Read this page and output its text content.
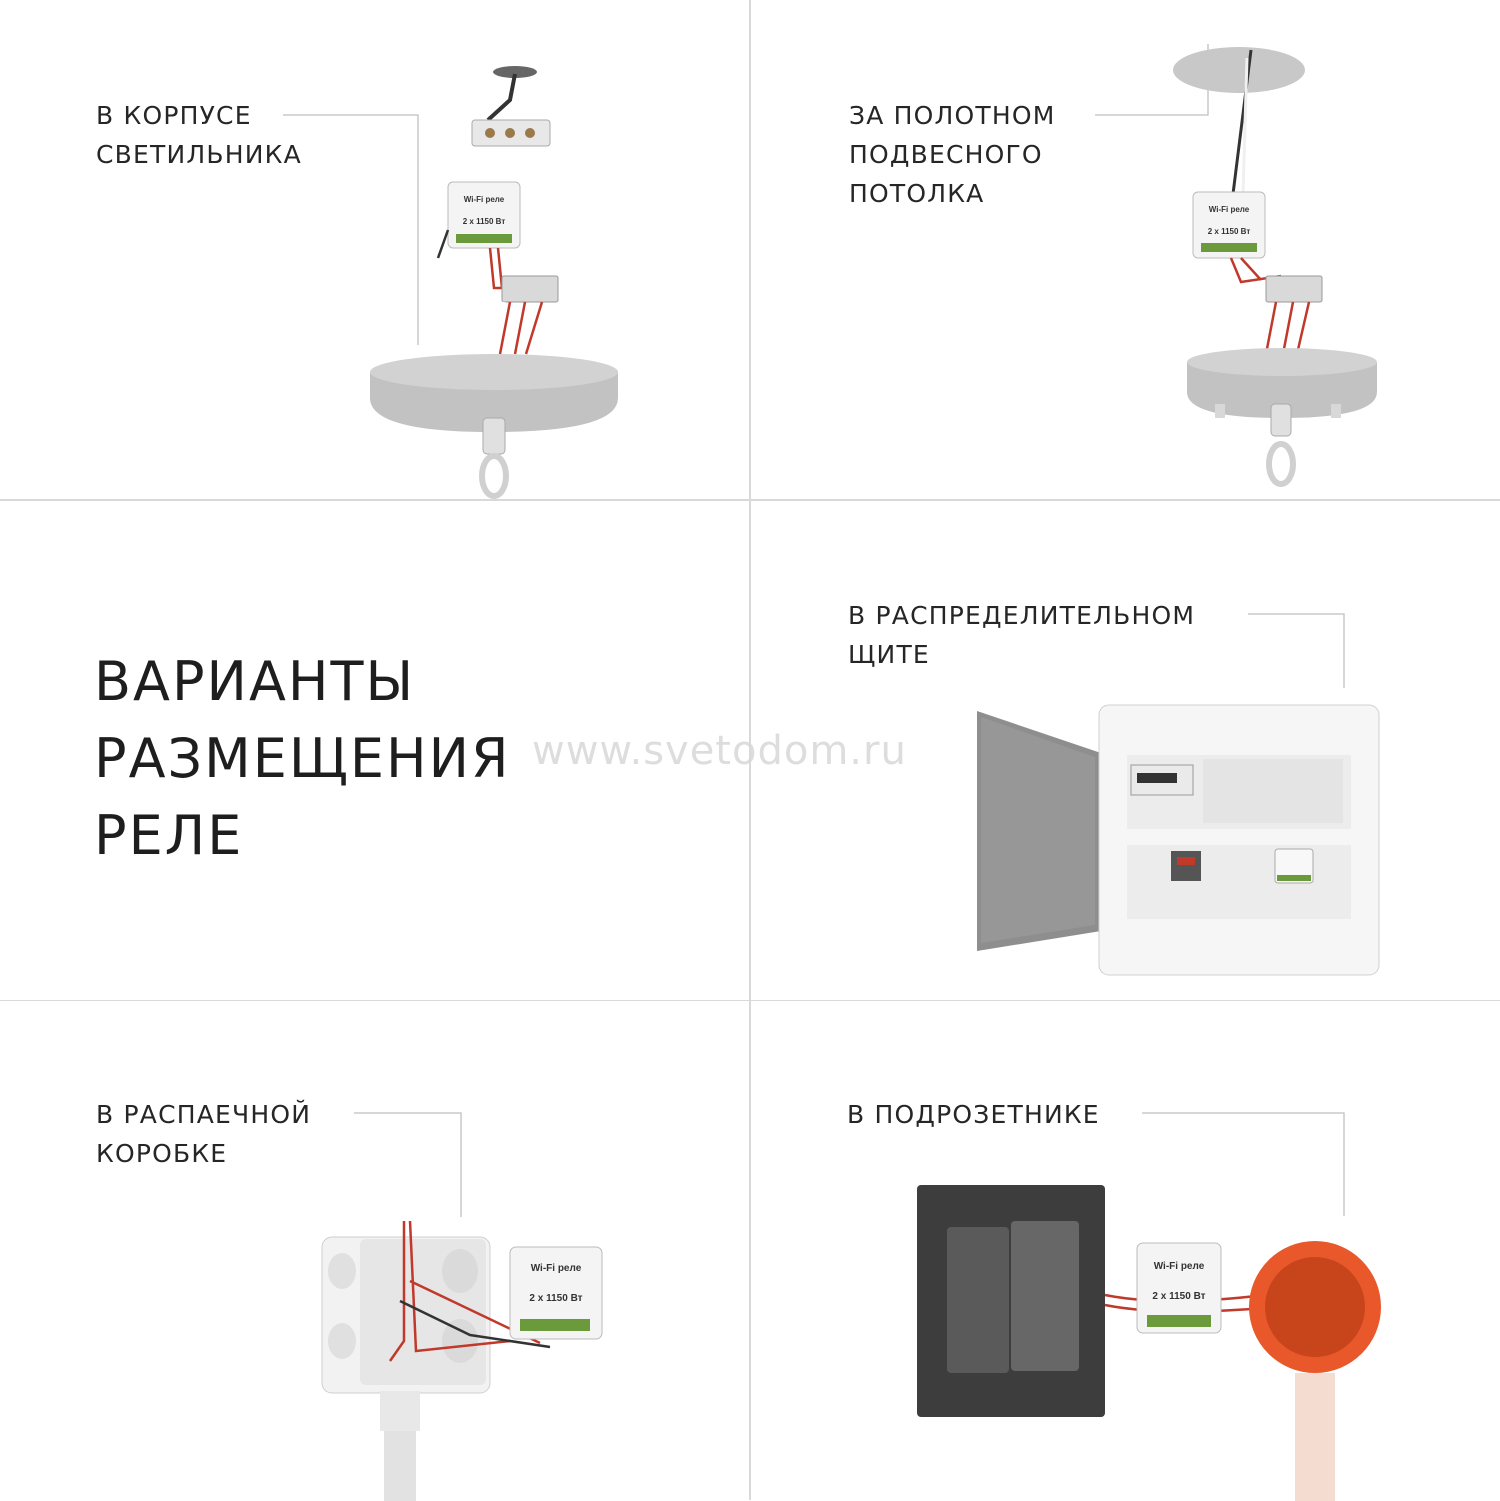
В КОРПУСЕ
СВЕТИЛЬНИКА
Wi-Fi реле
2 x 1150 Вт
ЗА ПОЛОТНОМ
ПОДВЕСНОГО
ПОТОЛКА
Wi-Fi реле
2 x 1150 Вт
ВАРИАНТЫ
РАЗМЕЩЕНИЯ
РЕЛЕ
В РАСПРЕДЕЛИТЕЛЬНОМ
ЩИТЕ
www.svetodom.ru
В РАСПАЕЧНОЙ
КОРОБКЕ
Wi-Fi реле
2 x 1150 Вт
В ПОДРОЗЕТНИКЕ
Wi-Fi реле
2 x 1150 Вт
